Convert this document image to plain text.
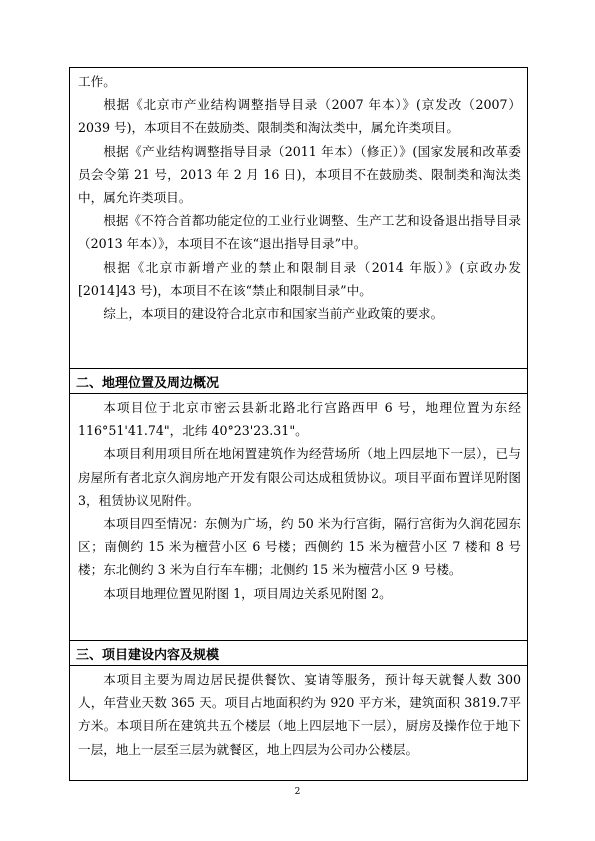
工作。

根据《北京市产业结构调整指导目录（2007 年本）》(京发改（2007）2039 号)，本项目不在鼓励类、限制类和淘汰类中，属允许类项目。

根据《产业结构调整指导目录（2011 年本）（修正）》(国家发展和改革委员会令第 21 号，2013 年 2 月 16 日)，本项目不在鼓励类、限制类和淘汰类中，属允许类项目。

根据《不符合首都功能定位的工业行业调整、生产工艺和设备退出指导目录（2013 年本）》，本项目不在该“退出指导目录”中。

根据《北京市新增产业的禁止和限制目录（2014 年版）》(京政办发[2014]43 号)，本项目不在该“禁止和限制目录”中。

综上，本项目的建设符合北京市和国家当前产业政策的要求。

二、地理位置及周边概况

本项目位于北京市密云县新北路北行宫路西甲 6 号，地理位置为东经116°51'41.74"，北纬 40°23'23.31"。

本项目利用项目所在地闲置建筑作为经营场所（地上四层地下一层），已与房屋所有者北京久润房地产开发有限公司达成租赁协议。项目平面布置详见附图 3，租赁协议见附件。

本项目四至情况：东侧为广场，约 50 米为行宫街，隔行宫街为久润花园东区；南侧约 15 米为檀营小区 6 号楼；西侧约 15 米为檀营小区 7 楼和 8 号楼；东北侧约 3 米为自行车车棚；北侧约 15 米为檀营小区 9 号楼。

本项目地理位置见附图 1，项目周边关系见附图 2。

三、项目建设内容及规模

本项目主要为周边居民提供餐饮、宴请等服务，预计每天就餐人数 300人，年营业天数 365 天。项目占地面积约为 920 平方米，建筑面积 3819.7平方米。本项目所在建筑共五个楼层（地上四层地下一层），厨房及操作位于地下一层，地上一层至三层为就餐区，地上四层为公司办公楼层。

2
